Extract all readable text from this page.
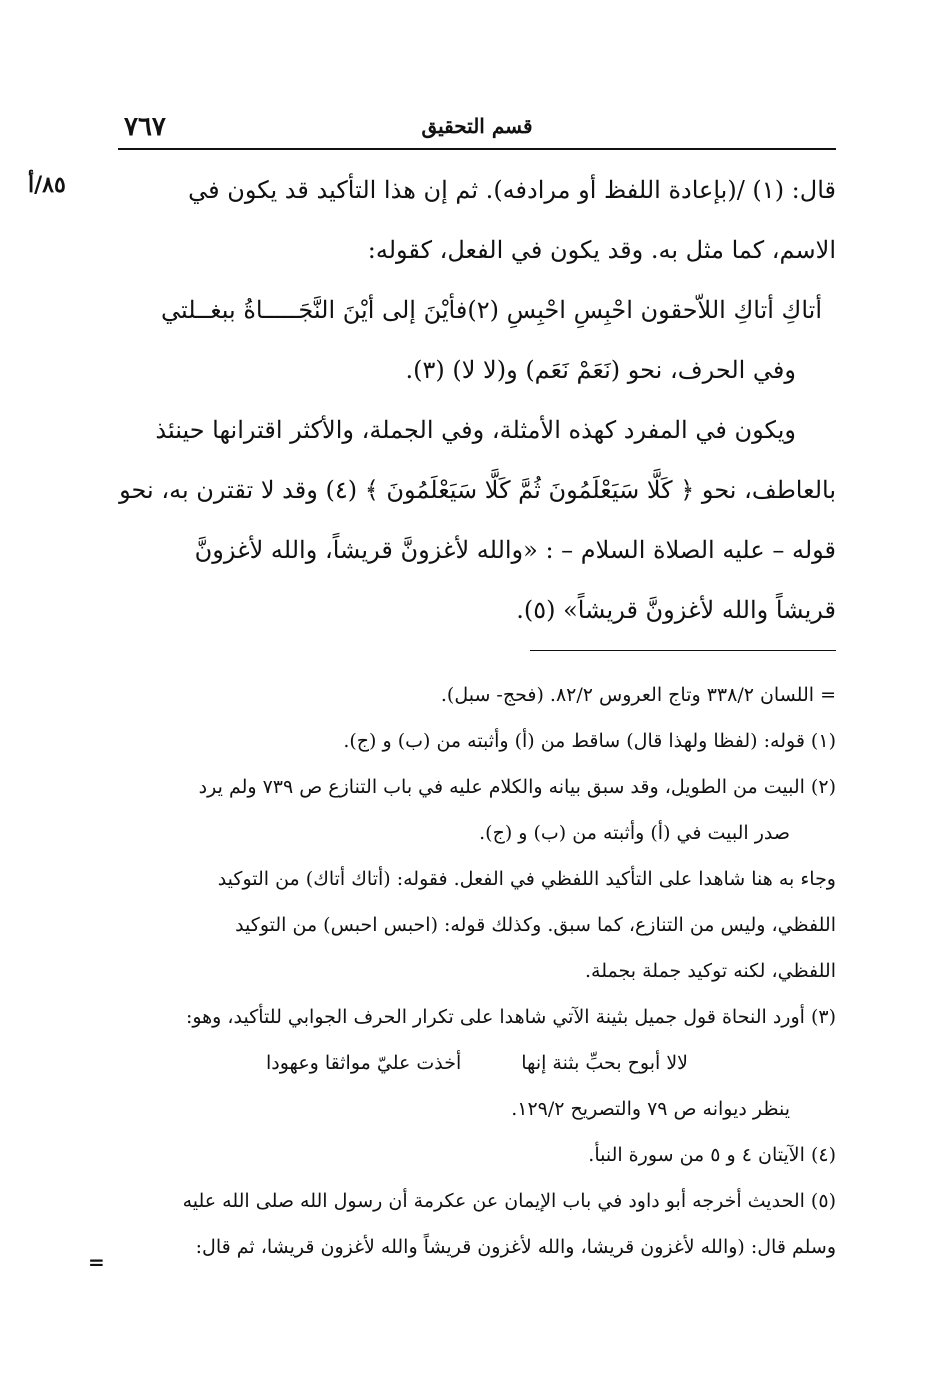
٧٦٧	قسم التحقيق
٨٥/أ	قال: (١) /(بإعادة اللفظ أو مرادفه). ثم إن هذا التأكيد قد يكون في
الاسم، كما مثل به. وقد يكون في الفعل، كقوله:
أتاكِ أتاكِ اللاّحقون احْبِسِ احْبِسِ (٢)
فأيْنَ إلى أيْنَ النَّجَـــــاةُ ببغــلتي
وفي الحرف، نحو (نَعَمْ نَعَم) و(لا لا) (٣).
ويكون في المفرد كهذه الأمثلة، وفي الجملة، والأكثر اقترانها حينئذ
بالعاطف، نحو ﴿ كَلَّا سَيَعْلَمُونَ ثُمَّ كَلَّا سَيَعْلَمُونَ ﴾ (٤) وقد لا تقترن به، نحو
قوله – عليه الصلاة السلام – : «والله لأغزونَّ قريشاً، والله لأغزونَّ
قريشاً والله لأغزونَّ قريشاً» (٥).
= اللسان ٣٣٨/٢ وتاج العروس ٨٢/٢. (فحج- سبل).
(١) قوله: (لفظا ولهذا قال) ساقط من (أ) وأثبته من (ب) و (ج).
(٢) البيت من الطويل، وقد سبق بيانه والكلام عليه في باب التنازع ص ٧٣٩ ولم يرد
صدر البيت في (أ) وأثبته من (ب) و (ج).
وجاء به هنا شاهدا على التأكيد اللفظي في الفعل. فقوله: (أتاك أتاك) من التوكيد
اللفظي، وليس من التنازع، كما سبق. وكذلك قوله: (احبس احبس) من التوكيد
اللفظي، لكنه توكيد جملة بجملة.
(٣) أورد النحاة قول جميل بثينة الآتي شاهدا على تكرار الحرف الجوابي للتأكيد، وهو:
لالا أبوح بحبِّ بثنة إنها
أخذت عليّ مواثقا وعهودا
ينظر ديوانه ص ٧٩ والتصريح ١٢٩/٢.
(٤) الآيتان ٤ و ٥ من سورة النبأ.
(٥) الحديث أخرجه أبو داود في باب الإيمان عن عكرمة أن رسول الله صلى الله عليه
وسلم قال: (والله لأغزون قريشا، والله لأغزون قريشاً والله لأغزون قريشا، ثم قال:
=
